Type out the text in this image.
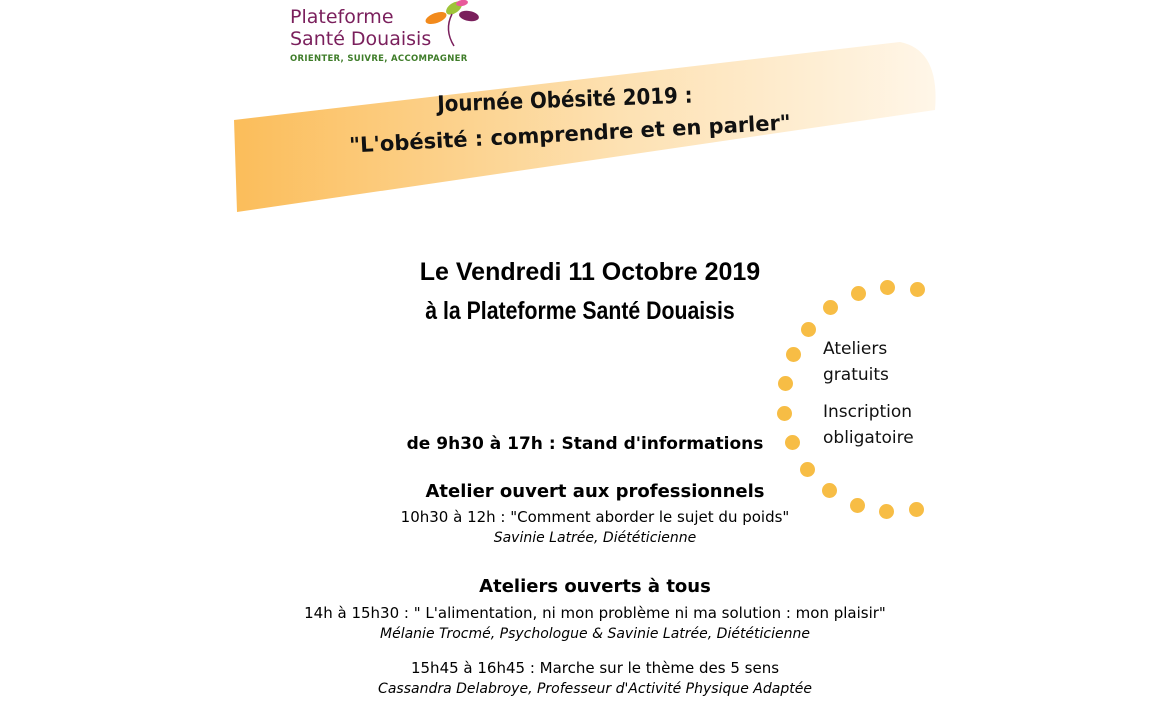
Plateforme
Santé Douaisis
ORIENTER, SUIVRE, ACCOMPAGNER
Journée Obésité 2019 :
"L'obésité : comprendre et en parler"
Le Vendredi 11 Octobre 2019
à la Plateforme Santé Douaisis
Ateliers
gratuits
Inscription
obligatoire
de 9h30 à 17h : Stand d'informations
Atelier ouvert aux professionnels
10h30 à 12h : "Comment aborder le sujet du poids"
Savinie Latrée, Diététicienne
Ateliers ouverts à tous
14h à 15h30 : " L'alimentation, ni mon problème ni ma solution : mon plaisir"
Mélanie Trocmé, Psychologue & Savinie Latrée, Diététicienne
15h45 à 16h45 : Marche sur le thème des 5 sens
Cassandra Delabroye, Professeur d'Activité Physique Adaptée
